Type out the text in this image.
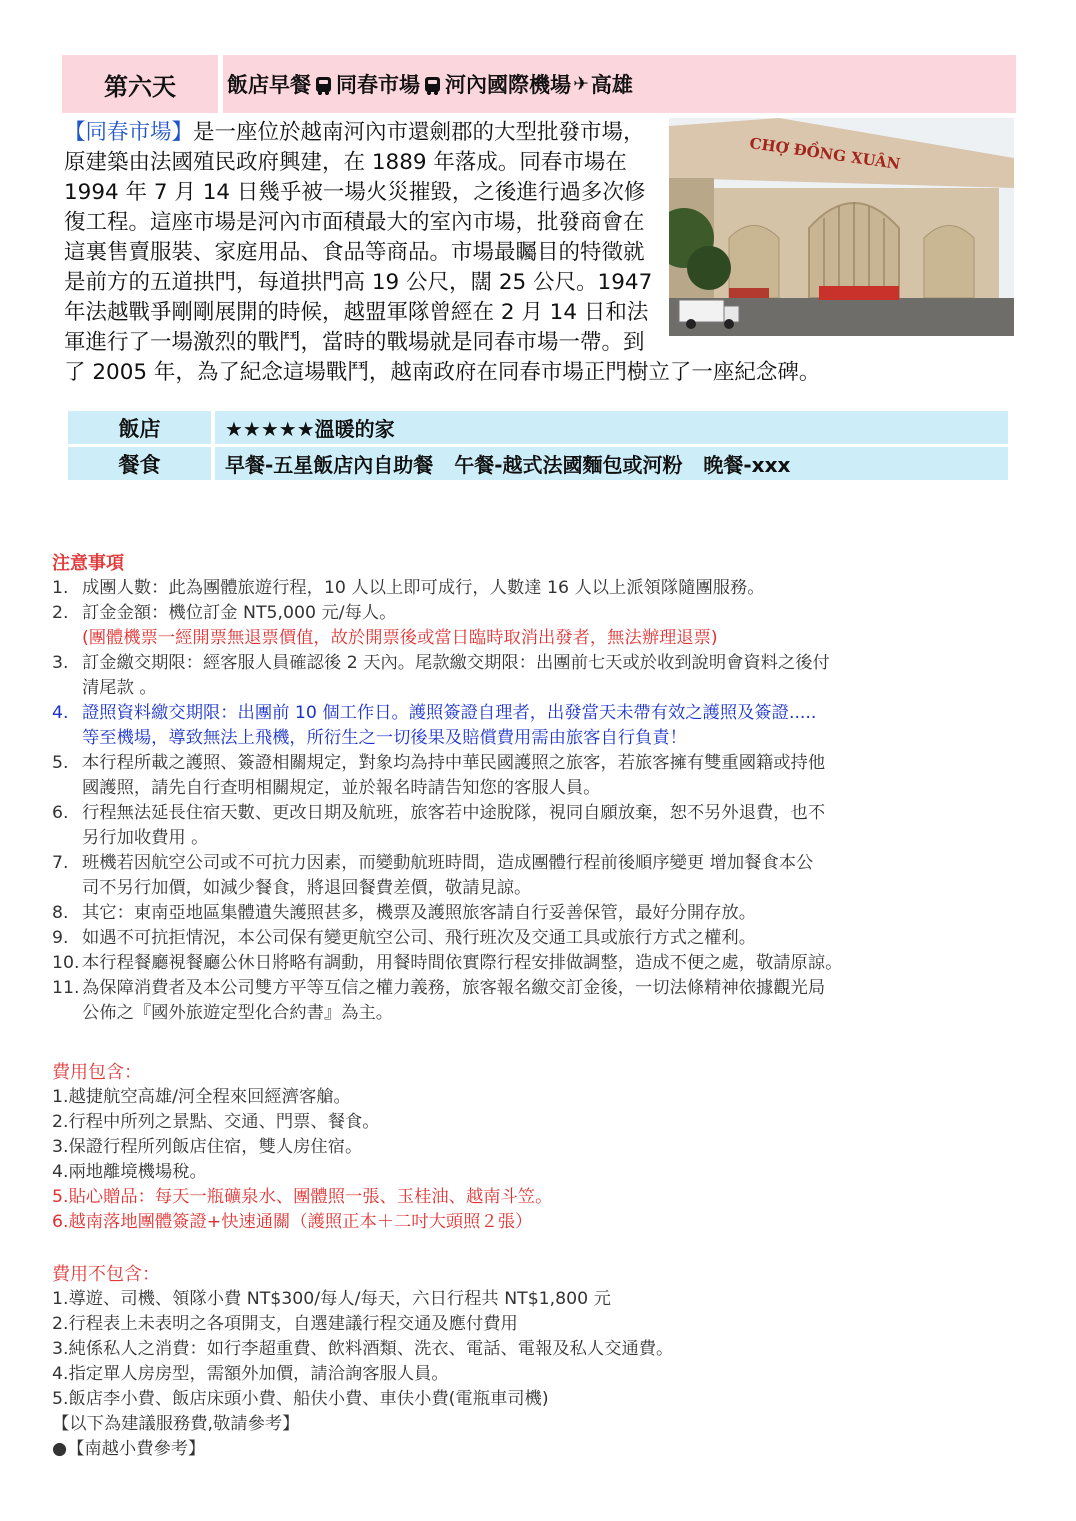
第六天	飯店早餐 同春市場 河內國際機場 ✈ 高雄
CHỢ ĐỒNG XUÂN
【同春市場】是一座位於越南河內市還劍郡的大型批發市場，原建築由法國殖民政府興建，在 1889 年落成。同春市場在 1994 年 7 月 14 日幾乎被一場火災摧毀，之後進行過多次修復工程。這座市場是河內市面積最大的室內市場，批發商會在這裏售賣服裝、家庭用品、食品等商品。市場最矚目的特徵就是前方的五道拱門，每道拱門高 19 公尺，闊 25 公尺。1947 年法越戰爭剛剛展開的時候，越盟軍隊曾經在 2 月 14 日和法軍進行了一場激烈的戰鬥，當時的戰場就是同春市場一帶。到了 2005 年，為了紀念這場戰鬥，越南政府在同春市場正門樹立了一座紀念碑。
飯店	★★★★★溫暖的家
餐食	早餐-五星飯店內自助餐   午餐-越式法國麵包或河粉   晚餐-xxx
注意事項
1. 成團人數：此為團體旅遊行程，10 人以上即可成行，人數達 16 人以上派領隊隨團服務。
2. 訂金金額：機位訂金 NT5,000 元/每人。
(團體機票一經開票無退票價值，故於開票後或當日臨時取消出發者，無法辦理退票)
3. 訂金繳交期限：經客服人員確認後 2 天內。尾款繳交期限：出團前七天或於收到說明會資料之後付
清尾款 。
4. 證照資料繳交期限：出團前 10 個工作日。護照簽證自理者，出發當天未帶有效之護照及簽證.....
等至機場，導致無法上飛機，所衍生之一切後果及賠償費用需由旅客自行負責！
5. 本行程所載之護照、簽證相關規定，對象均為持中華民國護照之旅客，若旅客擁有雙重國籍或持他
國護照，請先自行查明相關規定，並於報名時請告知您的客服人員。
6. 行程無法延長住宿天數、更改日期及航班，旅客若中途脫隊，視同自願放棄，恕不另外退費，也不
另行加收費用 。
7. 班機若因航空公司或不可抗力因素，而變動航班時間，造成團體行程前後順序變更 增加餐食本公
司不另行加價，如減少餐食，將退回餐費差價，敬請見諒。
8. 其它：東南亞地區集體遺失護照甚多，機票及護照旅客請自行妥善保管，最好分開存放。
9. 如遇不可抗拒情況，本公司保有變更航空公司、飛行班次及交通工具或旅行方式之權利。
10. 本行程餐廳視餐廳公休日將略有調動，用餐時間依實際行程安排做調整，造成不便之處，敬請原諒。
11. 為保障消費者及本公司雙方平等互信之權力義務，旅客報名繳交訂金後，一切法條精神依據觀光局
公佈之『國外旅遊定型化合約書』為主。
費用包含：
1.越捷航空高雄/河全程來回經濟客艙。
2.行程中所列之景點、交通、門票、餐食。
3.保證行程所列飯店住宿，雙人房住宿。
4.兩地離境機場稅。
5.貼心贈品：每天一瓶礦泉水、團體照一張、玉桂油、越南斗笠。
6.越南落地團體簽證+快速通關（護照正本＋二吋大頭照２張）
費用不包含：
1.導遊、司機、領隊小費 NT$300/每人/每天，六日行程共 NT$1,800 元
2.行程表上未表明之各項開支，自選建議行程交通及應付費用
3.純係私人之消費：如行李超重費、飲料酒類、洗衣、電話、電報及私人交通費。
4.指定單人房房型，需額外加價，請洽詢客服人員。
5.飯店李小費、飯店床頭小費、船伕小費、車伕小費(電瓶車司機)
【以下為建議服務費,敬請參考】
●【南越小費參考】
